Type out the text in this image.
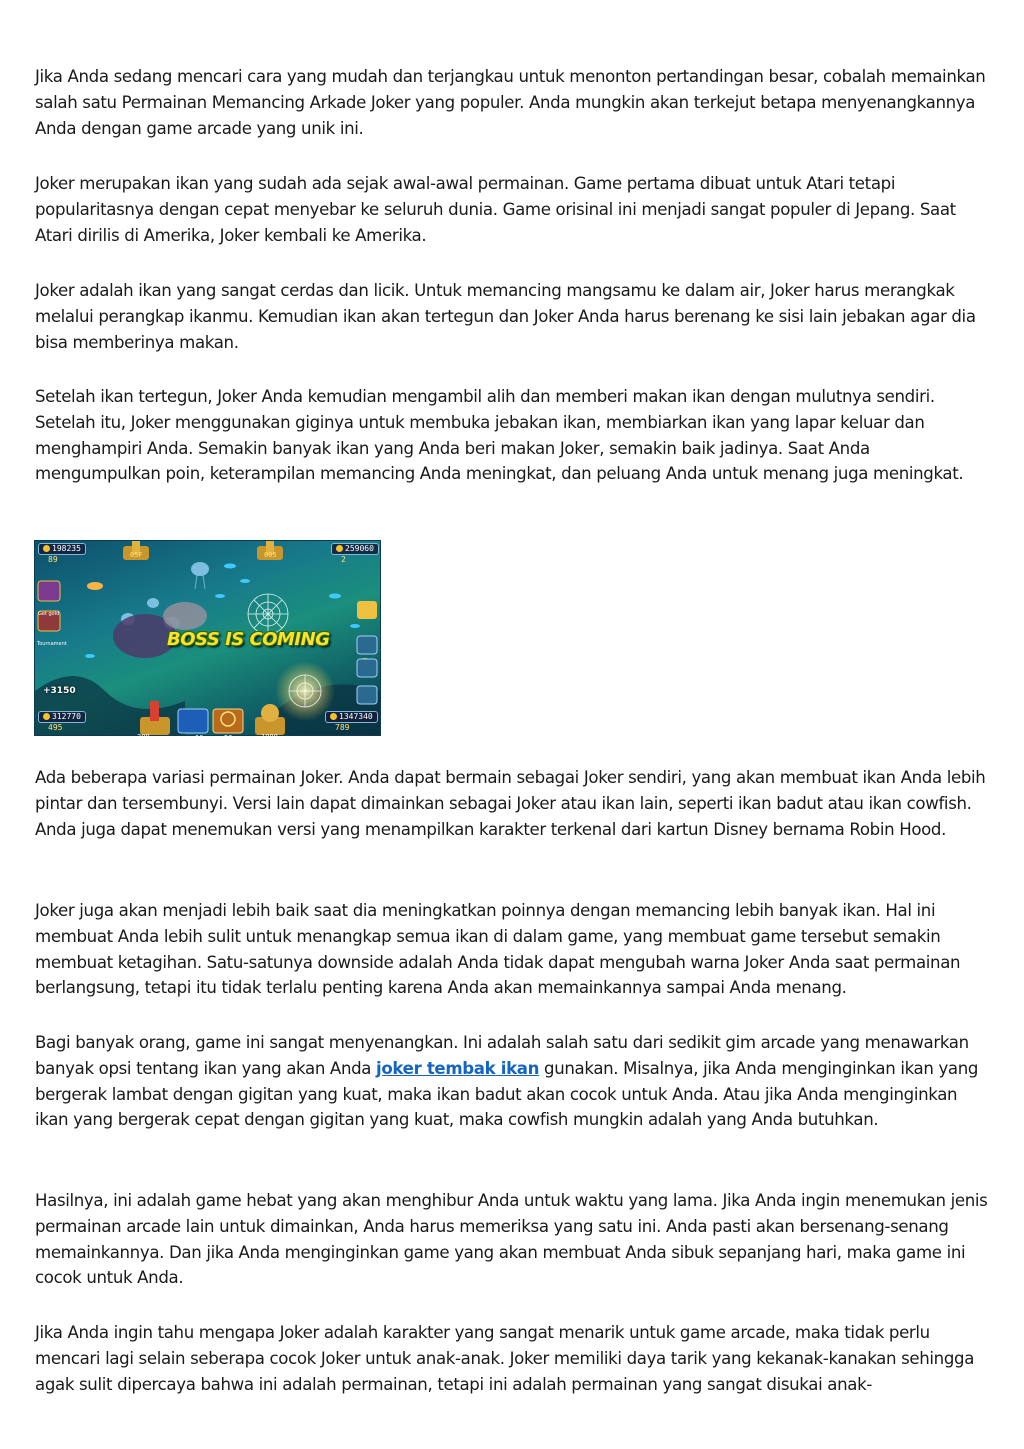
Jika Anda sedang mencari cara yang mudah dan terjangkau untuk menonton pertandingan besar, cobalah memainkan salah satu Permainan Memancing Arkade Joker yang populer. Anda mungkin akan terkejut betapa menyenangkannya Anda dengan game arcade yang unik ini.

Joker merupakan ikan yang sudah ada sejak awal-awal permainan. Game pertama dibuat untuk Atari tetapi popularitasnya dengan cepat menyebar ke seluruh dunia. Game orisinal ini menjadi sangat populer di Jepang. Saat Atari dirilis di Amerika, Joker kembali ke Amerika.

Joker adalah ikan yang sangat cerdas dan licik. Untuk memancing mangsamu ke dalam air, Joker harus merangkak melalui perangkap ikanmu. Kemudian ikan akan tertegun dan Joker Anda harus berenang ke sisi lain jebakan agar dia bisa memberinya makan.

Setelah ikan tertegun, Joker Anda kemudian mengambil alih dan memberi makan ikan dengan mulutnya sendiri. Setelah itu, Joker menggunakan giginya untuk membuka jebakan ikan, membiarkan ikan yang lapar keluar dan menghampiri Anda. Semakin banyak ikan yang Anda beri makan Joker, semakin baik jadinya. Saat Anda mengumpulkan poin, keterampilan memancing Anda meningkat, dan peluang Anda untuk menang juga meningkat.

198235
89
259060
2
312770
495
1347340
789
Get gold
Tournament
+3150
BOSS IS COMING
300	10	50	1000
05F	005

Ada beberapa variasi permainan Joker. Anda dapat bermain sebagai Joker sendiri, yang akan membuat ikan Anda lebih pintar dan tersembunyi. Versi lain dapat dimainkan sebagai Joker atau ikan lain, seperti ikan badut atau ikan cowfish. Anda juga dapat menemukan versi yang menampilkan karakter terkenal dari kartun Disney bernama Robin Hood.

Joker juga akan menjadi lebih baik saat dia meningkatkan poinnya dengan memancing lebih banyak ikan. Hal ini membuat Anda lebih sulit untuk menangkap semua ikan di dalam game, yang membuat game tersebut semakin membuat ketagihan. Satu-satunya downside adalah Anda tidak dapat mengubah warna Joker Anda saat permainan berlangsung, tetapi itu tidak terlalu penting karena Anda akan memainkannya sampai Anda menang.

Bagi banyak orang, game ini sangat menyenangkan. Ini adalah salah satu dari sedikit gim arcade yang menawarkan banyak opsi tentang ikan yang akan Anda joker tembak ikan gunakan. Misalnya, jika Anda menginginkan ikan yang bergerak lambat dengan gigitan yang kuat, maka ikan badut akan cocok untuk Anda. Atau jika Anda menginginkan ikan yang bergerak cepat dengan gigitan yang kuat, maka cowfish mungkin adalah yang Anda butuhkan.

Hasilnya, ini adalah game hebat yang akan menghibur Anda untuk waktu yang lama. Jika Anda ingin menemukan jenis permainan arcade lain untuk dimainkan, Anda harus memeriksa yang satu ini. Anda pasti akan bersenang-senang memainkannya. Dan jika Anda menginginkan game yang akan membuat Anda sibuk sepanjang hari, maka game ini cocok untuk Anda.

Jika Anda ingin tahu mengapa Joker adalah karakter yang sangat menarik untuk game arcade, maka tidak perlu mencari lagi selain seberapa cocok Joker untuk anak-anak. Joker memiliki daya tarik yang kekanak-kanakan sehingga agak sulit dipercaya bahwa ini adalah permainan, tetapi ini adalah permainan yang sangat disukai anak-
